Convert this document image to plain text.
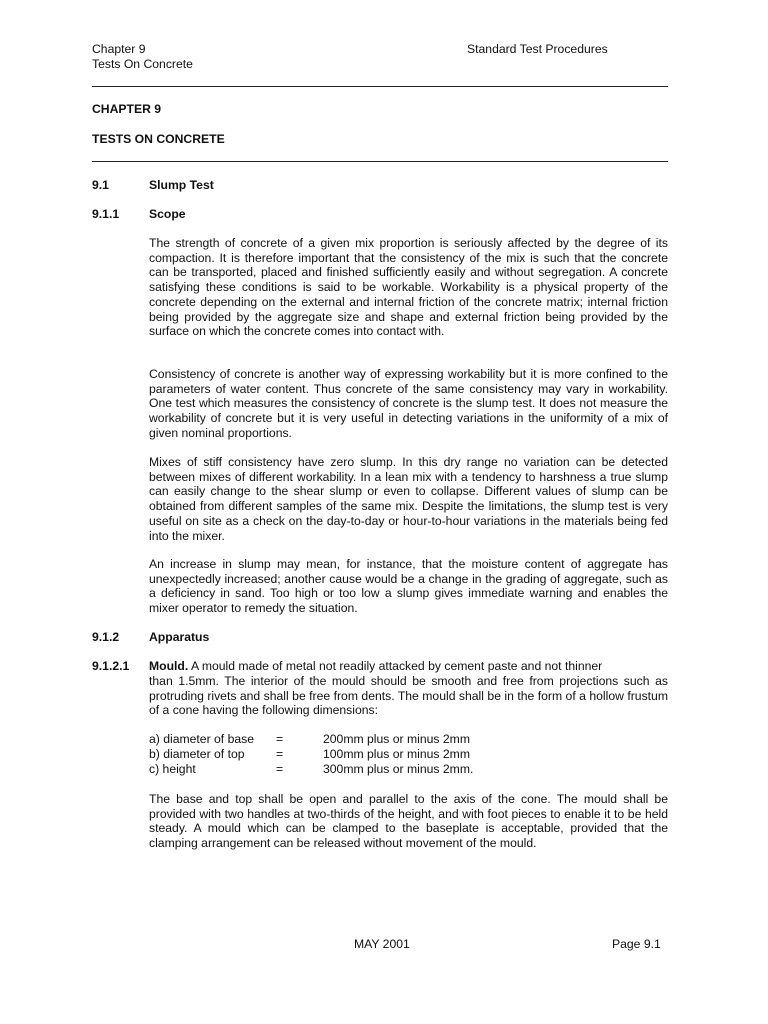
Chapter 9
Tests On Concrete
Standard Test Procedures
CHAPTER 9
TESTS ON CONCRETE
9.1	Slump Test
9.1.1 Scope
The strength of concrete of a given mix proportion is seriously affected by the degree of its compaction. It is therefore important that the consistency of the mix is such that the concrete can be transported, placed and finished sufficiently easily and without segregation. A concrete satisfying these conditions is said to be workable. Workability is a physical property of the concrete depending on the external and internal friction of the concrete matrix; internal friction being provided by the aggregate size and shape and external friction being provided by the surface on which the concrete comes into contact with.
Consistency of concrete is another way of expressing workability but it is more confined to the parameters of water content. Thus concrete of the same consistency may vary in workability. One test which measures the consistency of concrete is the slump test. It does not measure the workability of concrete but it is very useful in detecting variations in the uniformity of a mix of given nominal proportions.
Mixes of stiff consistency have zero slump. In this dry range no variation can be detected between mixes of different workability. In a lean mix with a tendency to harshness a true slump can easily change to the shear slump or even to collapse. Different values of slump can be obtained from different samples of the same mix. Despite the limitations, the slump test is very useful on site as a check on the day-to-day or hour-to-hour variations in the materials being fed into the mixer.
An increase in slump may mean, for instance, that the moisture content of aggregate has unexpectedly increased; another cause would be a change in the grading of aggregate, such as a deficiency in sand. Too high or too low a slump gives immediate warning and enables the mixer operator to remedy the situation.
9.1.2 Apparatus
9.1.2.1 Mould. A mould made of metal not readily attacked by cement paste and not thinner
than 1.5mm. The interior of the mould should be smooth and free from projections such as protruding rivets and shall be free from dents. The mould shall be in the form of a hollow frustum of a cone having the following dimensions:
a) diameter of base =	200mm plus or minus 2mm
b) diameter of top	=	100mm plus or minus 2mm
c) height	=	300mm plus or minus 2mm.
The base and top shall be open and parallel to the axis of the cone. The mould shall be provided with two handles at two-thirds of the height, and with foot pieces to enable it to be held steady. A mould which can be clamped to the baseplate is acceptable, provided that the clamping arrangement can be released without movement of the mould.
MAY 2001	Page 9.1
